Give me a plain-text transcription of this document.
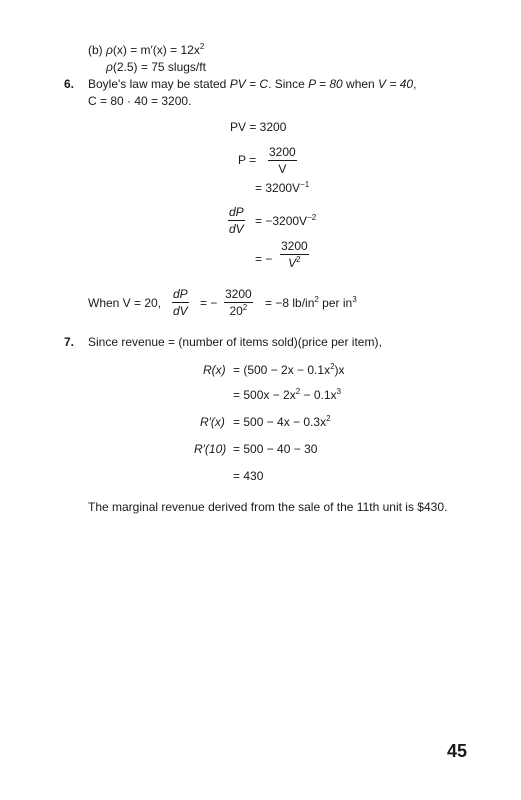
(b) $\rho(x) = m'(x) = 12x^2$
ρ(2.5) = 75 slugs/ft
6. Boyle's law may be stated PV = C. Since P = 80 when V = 40,
C = 80 · 40 = 3200.
PV = 3200
$P = \frac{3200}{V}$
= $3200V^{-1}$
$\frac{dP}{dV} = -3200V^{-2}$
= − $\frac{3200}{V^2}$
When V = 20, $\frac{dP}{dV}$ = − $\frac{3200}{20^2} = -8$ $lb/in^2$ per $in^3$
7. Since revenue = (number of items sold)(price per item),
$R(x) = (500 - 2x - 0.1x^2)x$
= $500x - 2x^2 - 0.1x^3$
$R'(x) = 500 - 4x - 0.3x^2$
R′(10) = 500 − 40 − 30
= 430
The marginal revenue derived from the sale of the 11th unit is $430.
45
